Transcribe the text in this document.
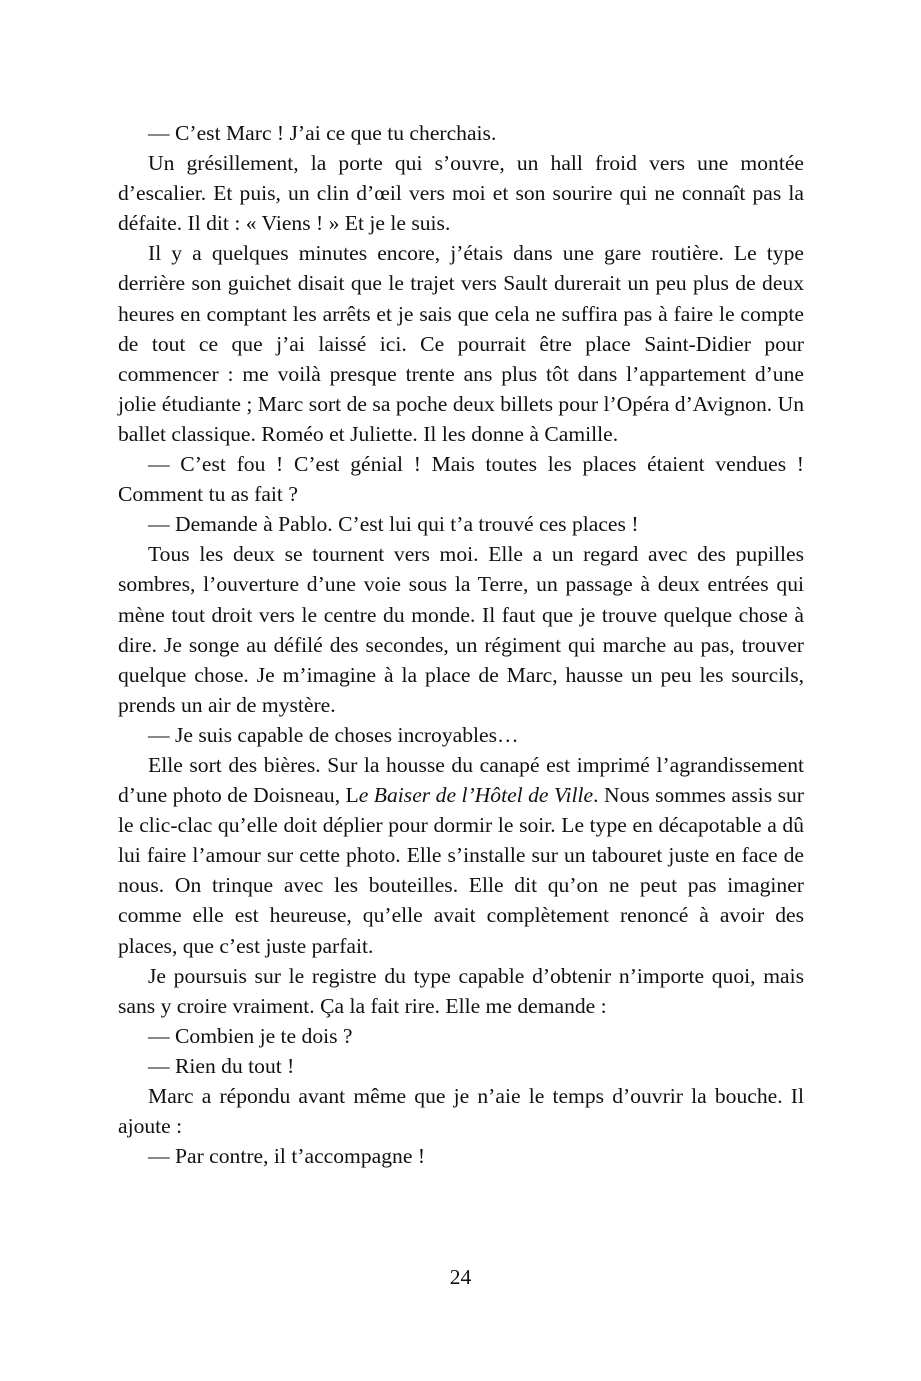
— C’est Marc ! J’ai ce que tu cherchais.

Un grésillement, la porte qui s’ouvre, un hall froid vers une montée d’escalier. Et puis, un clin d’œil vers moi et son sourire qui ne connaît pas la défaite. Il dit : « Viens ! » Et je le suis.

Il y a quelques minutes encore, j’étais dans une gare routière. Le type derrière son guichet disait que le trajet vers Sault durerait un peu plus de deux heures en comptant les arrêts et je sais que cela ne suffira pas à faire le compte de tout ce que j’ai laissé ici. Ce pourrait être place Saint-Didier pour commencer : me voilà presque trente ans plus tôt dans l’appartement d’une jolie étudiante ; Marc sort de sa poche deux billets pour l’Opéra d’Avignon. Un ballet classique. Roméo et Juliette. Il les donne à Camille.

— C’est fou ! C’est génial ! Mais toutes les places étaient vendues ! Comment tu as fait ?

— Demande à Pablo. C’est lui qui t’a trouvé ces places !

Tous les deux se tournent vers moi. Elle a un regard avec des pupilles sombres, l’ouverture d’une voie sous la Terre, un passage à deux entrées qui mène tout droit vers le centre du monde. Il faut que je trouve quelque chose à dire. Je songe au défilé des secondes, un régiment qui marche au pas, trouver quelque chose. Je m’imagine à la place de Marc, hausse un peu les sourcils, prends un air de mystère.

— Je suis capable de choses incroyables…

Elle sort des bières. Sur la housse du canapé est imprimé l’agrandissement d’une photo de Doisneau, Le Baiser de l’Hôtel de Ville. Nous sommes assis sur le clic-clac qu’elle doit déplier pour dormir le soir. Le type en décapotable a dû lui faire l’amour sur cette photo. Elle s’installe sur un tabouret juste en face de nous. On trinque avec les bouteilles. Elle dit qu’on ne peut pas imaginer comme elle est heureuse, qu’elle avait complètement renoncé à avoir des places, que c’est juste parfait.

Je poursuis sur le registre du type capable d’obtenir n’importe quoi, mais sans y croire vraiment. Ça la fait rire. Elle me demande :

— Combien je te dois ?

— Rien du tout !

Marc a répondu avant même que je n’aie le temps d’ouvrir la bouche. Il ajoute :

— Par contre, il t’accompagne !

24
